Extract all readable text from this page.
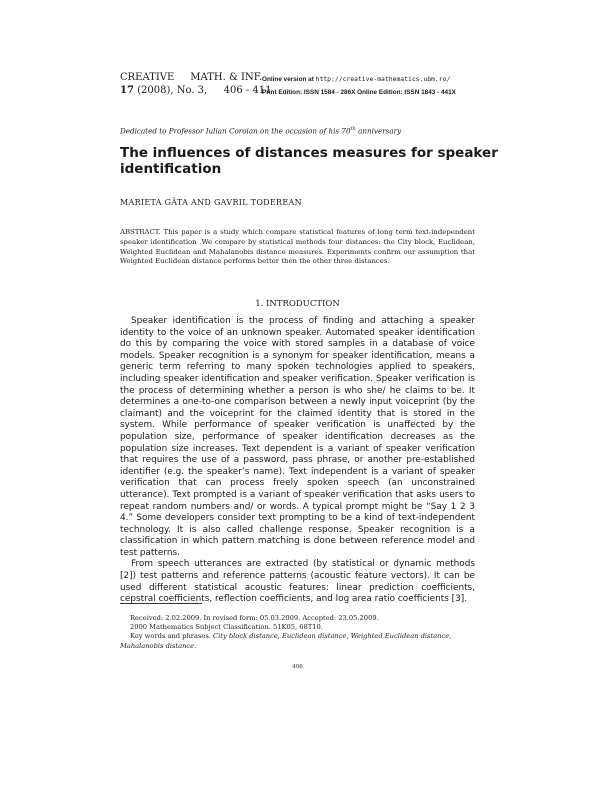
CREATIVE MATH. & INF.
17 (2008), No. 3, 406 - 411
Online version at http://creative-mathematics.ubm.ro/
Print Edition: ISSN 1584 - 286X Online Edition: ISSN 1843 - 441X
Dedicated to Professor Iulian Coroian on the occasion of his 70th anniversary
The influences of distances measures for speaker identification
MARIETA GÂTA AND GAVRIL TODEREAN
ABSTRACT. This paper is a study which compare statistical features of long term text-independent speaker identification .We compare by statistical methods four distances: the City block, Euclidean, Weighted Euclidean and Mahalanobis distance measures. Experiments confirm our assumption that Weighted Euclidean distance performs better then the other three distances.
1. INTRODUCTION

Speaker identification is the process of finding and attaching a speaker identity to the voice of an unknown speaker. Automated speaker identification do this by comparing the voice with stored samples in a database of voice models. Speaker recognition is a synonym for speaker identification, means a generic term referring to many spoken technologies applied to speakers, including speaker identification and speaker verification. Speaker verification is the process of determining whether a person is who she/ he claims to be. It determines a one-to-one comparison between a newly input voiceprint (by the claimant) and the voiceprint for the claimed identity that is stored in the system. While performance of speaker verification is unaffected by the population size, performance of speaker identification decreases as the population size increases. Text dependent is a variant of speaker verification that requires the use of a password, pass phrase, or another pre-established identifier (e.g. the speaker’s name). Text independent is a variant of speaker verification that can process freely spoken speech (an unconstrained utterance). Text prompted is a variant of speaker verification that asks users to repeat random numbers and/ or words. A typical prompt might be “Say 1 2 3 4.” Some developers consider text prompting to be a kind of text-independent technology. It is also called challenge response. Speaker recognition is a classification in which pattern matching is done between reference model and test patterns.

From speech utterances are extracted (by statistical or dynamic methods [2]) test patterns and reference patterns (acoustic feature vectors). It can be used different statistical acoustic features: linear prediction coefficients, cepstral coefficients, reflection coefficients, and log area ratio coefficients [3].

Received: 2.02.2009. In revised form: 05.03.2009. Accepted: 23.05.2009.

2000 Mathematics Subject Classification. 51K05, 68T10.

Key words and phrases. City block distance, Euclidean distance, Weighted Euclidean distance, Mahalanobis distance.

406
